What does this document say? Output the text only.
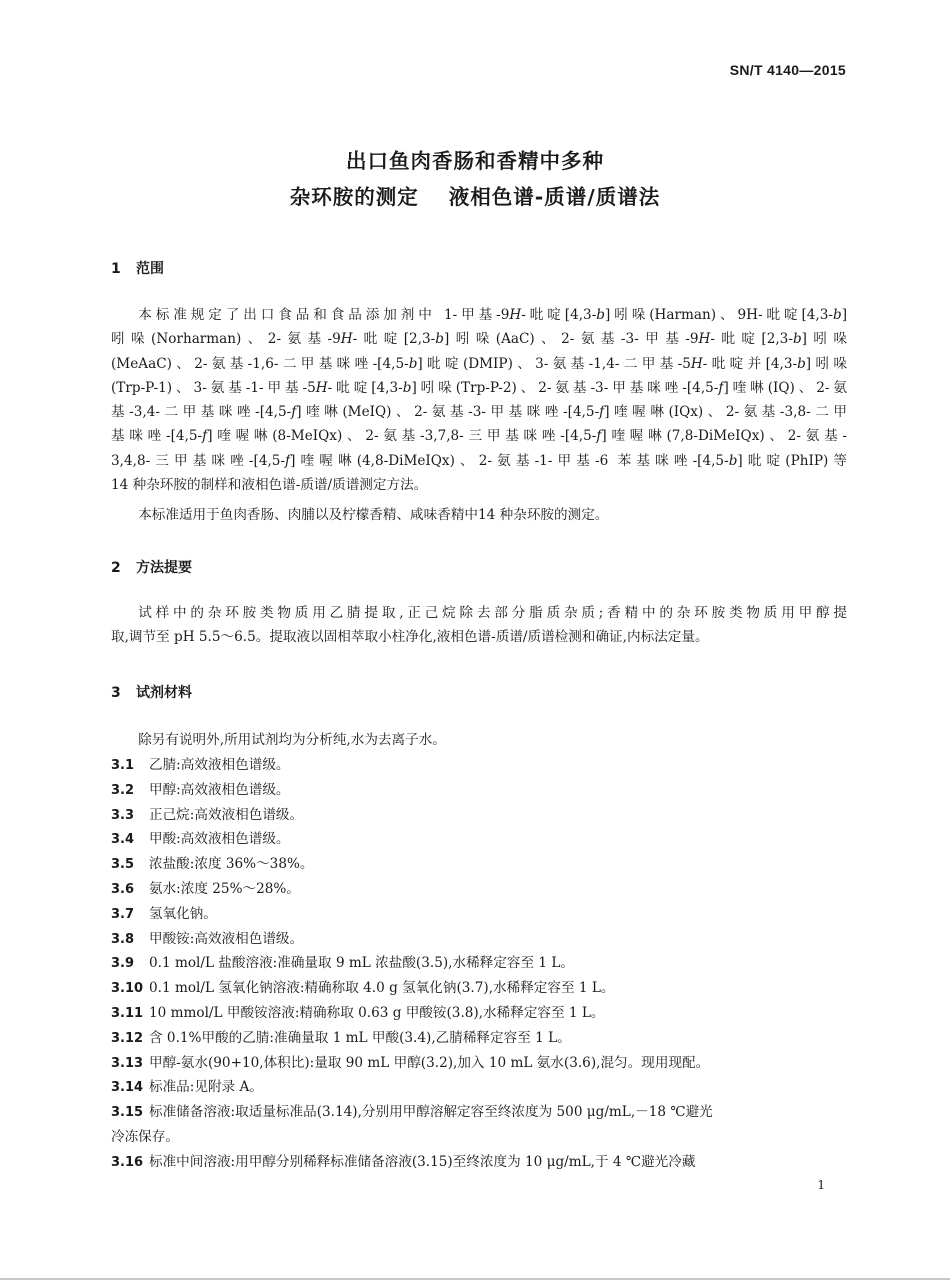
SN/T 4140—2015
出口鱼肉香肠和香精中多种
杂环胺的测定 液相色谱-质谱/质谱法
1 范围
本标准规定了出口食品和食品添加剂中 1-甲基-9H-吡啶[4,3-b]吲哚(Harman)、9H-吡啶[4,3-b]
吲哚(Norharman)、2-氨基-9H-吡啶[2,3-b]吲哚(AaC)、2-氨基-3-甲基-9H-吡啶[2,3-b]吲哚
(MeAaC)、2-氨基-1,6-二甲基咪唑-[4,5-b]吡啶(DMIP)、3-氨基-1,4-二甲基-5H-吡啶并[4,3-b]吲哚
(Trp-P-1)、3-氨基-1-甲基-5H-吡啶[4,3-b]吲哚(Trp-P-2)、2-氨基-3-甲基咪唑-[4,5-f]喹啉(IQ)、2-氨
基-3,4-二甲基咪唑-[4,5-f]喹啉(MeIQ)、2-氨基-3-甲基咪唑-[4,5-f]喹喔啉(IQx)、2-氨基-3,8-二甲
基咪唑-[4,5-f]喹喔啉(8-MeIQx)、2-氨基-3,7,8-三甲基咪唑-[4,5-f]喹喔啉(7,8-DiMeIQx)、2-氨基-
3,4,8-三甲基咪唑-[4,5-f]喹喔啉(4,8-DiMeIQx)、2-氨基-1-甲基-6 苯基咪唑-[4,5-b]吡啶(PhIP)等
14 种杂环胺的制样和液相色谱-质谱/质谱测定方法。
本标准适用于鱼肉香肠、肉脯以及柠檬香精、咸味香精中14 种杂环胺的测定。
2 方法提要
试样中的杂环胺类物质用乙腈提取,正己烷除去部分脂质杂质;香精中的杂环胺类物质用甲醇提
取,调节至 pH 5.5～6.5。提取液以固相萃取小柱净化,液相色谱-质谱/质谱检测和确证,内标法定量。
3 试剂材料
除另有说明外,所用试剂均为分析纯,水为去离子水。
3.1 乙腈:高效液相色谱级。
3.2 甲醇:高效液相色谱级。
3.3 正己烷:高效液相色谱级。
3.4 甲酸:高效液相色谱级。
3.5 浓盐酸:浓度 36%～38%。
3.6 氨水:浓度 25%～28%。
3.7 氢氧化钠。
3.8 甲酸铵:高效液相色谱级。
3.9 0.1 mol/L 盐酸溶液:准确量取 9 mL 浓盐酸(3.5),水稀释定容至 1 L。
3.10 0.1 mol/L 氢氧化钠溶液:精确称取 4.0 g 氢氧化钠(3.7),水稀释定容至 1 L。
3.11 10 mmol/L 甲酸铵溶液:精确称取 0.63 g 甲酸铵(3.8),水稀释定容至 1 L。
3.12 含 0.1%甲酸的乙腈:准确量取 1 mL 甲酸(3.4),乙腈稀释定容至 1 L。
3.13 甲醇-氨水(90+10,体积比):量取 90 mL 甲醇(3.2),加入 10 mL 氨水(3.6),混匀。现用现配。
3.14 标准品:见附录 A。
3.15 标准储备溶液:取适量标准品(3.14),分别用甲醇溶解定容至终浓度为 500 μg/mL,－18 ℃避光
冷冻保存。
3.16 标准中间溶液:用甲醇分别稀释标准储备溶液(3.15)至终浓度为 10 μg/mL,于 4 ℃避光冷藏
1
